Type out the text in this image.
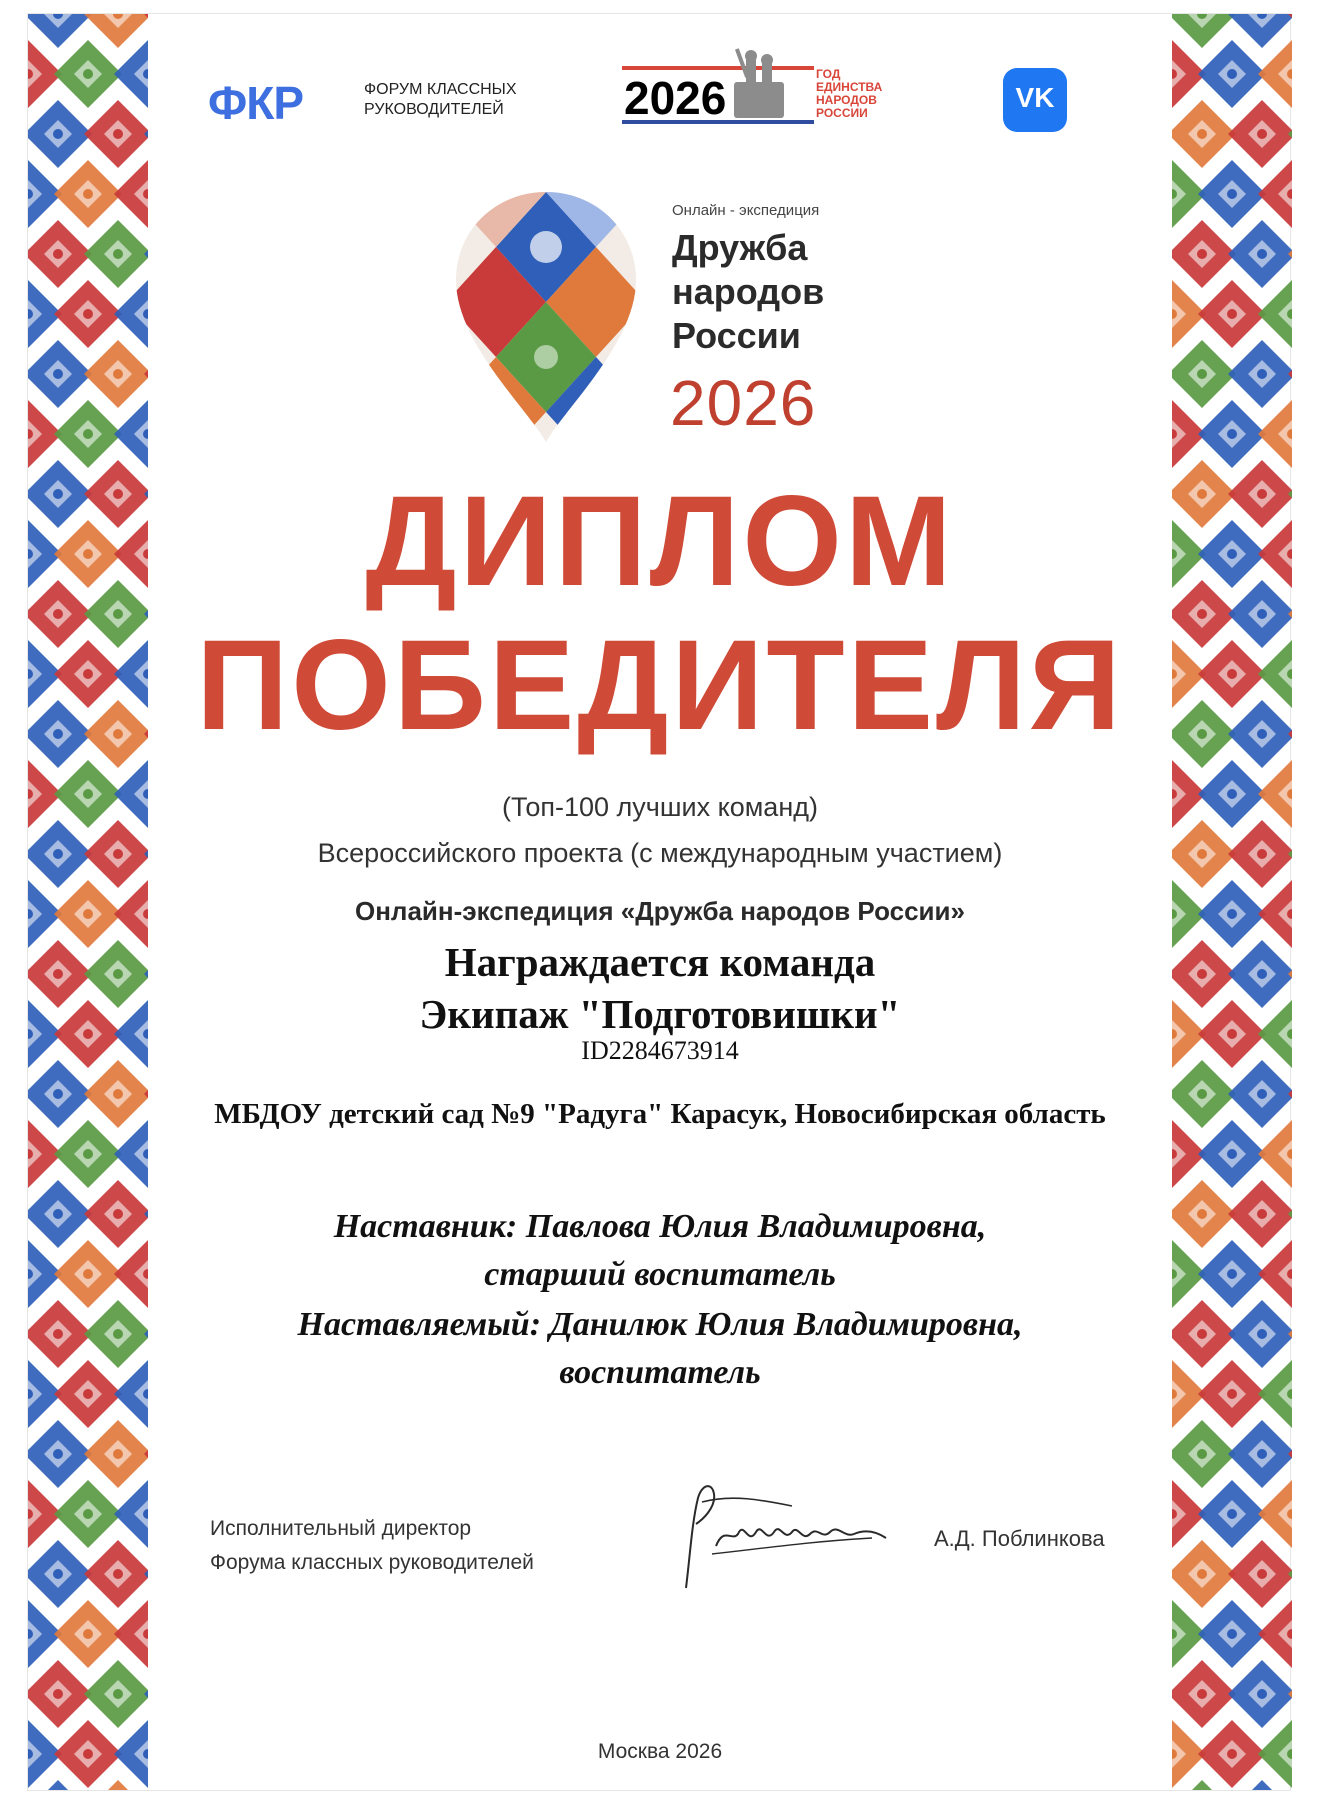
ФКР	ФОРУМ КЛАССНЫХ
РУКОВОДИТЕЛЕЙ	2026	ГОД
ЕДИНСТВА
НАРОДОВ
РОССИИ	VK
Онлайн - экспедиция
Дружба
народов
России
2026
ДИПЛОМ
ПОБЕДИТЕЛЯ
(Топ-100 лучших команд)
Всероссийского проекта (с международным участием)
Онлайн-экспедиция «Дружба народов России»
Награждается команда
Экипаж "Подготовишки"
ID2284673914
МБДОУ детский сад №9 "Радуга" Карасук, Новосибирская область
Наставник: Павлова Юлия Владимировна,
старший воспитатель
Наставляемый: Данилюк Юлия Владимировна,
воспитатель
Исполнительный директор
Форума классных руководителей
А.Д. Поблинкова
Москва 2026
